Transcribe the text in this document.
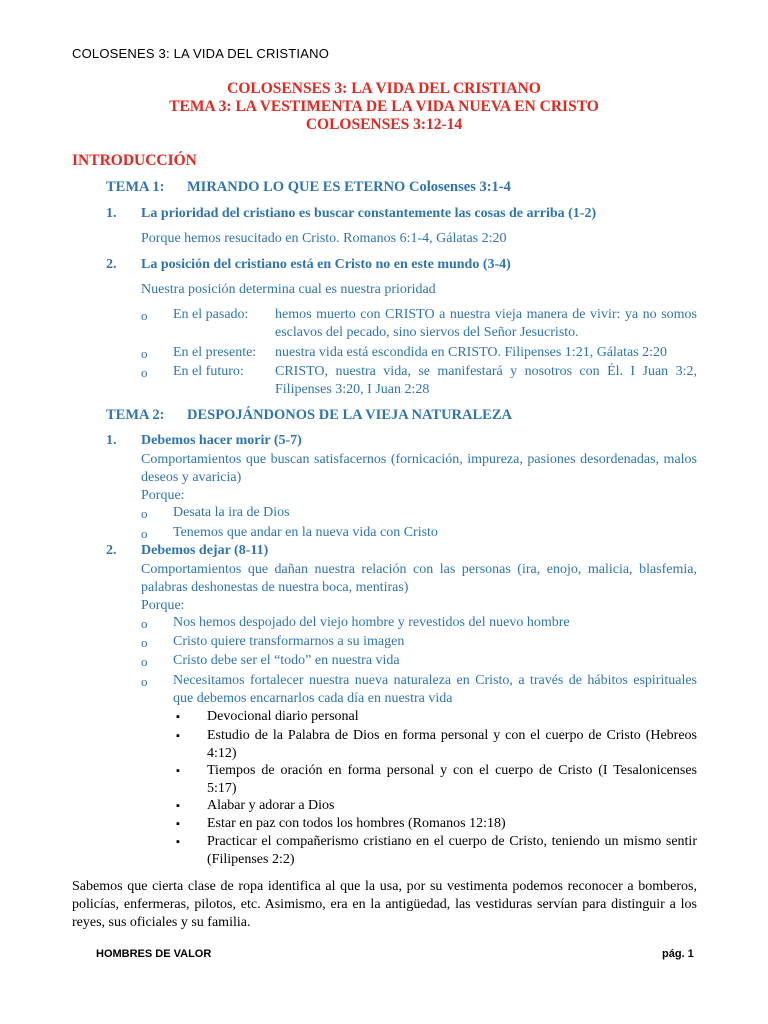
COLOSENES 3: LA VIDA DEL CRISTIANO
COLOSENSES 3: LA VIDA DEL CRISTIANO
TEMA 3: LA VESTIMENTA DE LA VIDA NUEVA EN CRISTO
COLOSENSES 3:12-14
INTRODUCCIÓN
TEMA 1: MIRANDO LO QUE ES ETERNO Colosenses 3:1-4
1. La prioridad del cristiano es buscar constantemente las cosas de arriba (1-2)
Porque hemos resucitado en Cristo. Romanos 6:1-4, Gálatas 2:20
2. La posición del cristiano está en Cristo no en este mundo (3-4)
Nuestra posición determina cual es nuestra prioridad
o En el pasado: hemos muerto con CRISTO a nuestra vieja manera de vivir: ya no somos esclavos del pecado, sino siervos del Señor Jesucristo.
o En el presente: nuestra vida está escondida en CRISTO. Filipenses 1:21, Gálatas 2:20
o En el futuro: CRISTO, nuestra vida, se manifestará y nosotros con Él. I Juan 3:2, Filipenses 3:20, I Juan 2:28
TEMA 2: DESPOJÁNDONOS DE LA VIEJA NATURALEZA
1. Debemos hacer morir (5-7)
Comportamientos que buscan satisfacernos (fornicación, impureza, pasiones desordenadas, malos deseos y avaricia)
Porque:
o Desata la ira de Dios
o Tenemos que andar en la nueva vida con Cristo
2. Debemos dejar (8-11)
Comportamientos que dañan nuestra relación con las personas (ira, enojo, malicia, blasfemia, palabras deshonestas de nuestra boca, mentiras)
Porque:
o Nos hemos despojado del viejo hombre y revestidos del nuevo hombre
o Cristo quiere transformarnos a su imagen
o Cristo debe ser el “todo” en nuestra vida
o Necesitamos fortalecer nuestra nueva naturaleza en Cristo, a través de hábitos espirituales que debemos encarnarlos cada día en nuestra vida
▪ Devocional diario personal
▪ Estudio de la Palabra de Dios en forma personal y con el cuerpo de Cristo (Hebreos 4:12)
▪ Tiempos de oración en forma personal y con el cuerpo de Cristo (I Tesalonicenses 5:17)
▪ Alabar y adorar a Dios
▪ Estar en paz con todos los hombres (Romanos 12:18)
▪ Practicar el compañerismo cristiano en el cuerpo de Cristo, teniendo un mismo sentir (Filipenses 2:2)
Sabemos que cierta clase de ropa identifica al que la usa, por su vestimenta podemos reconocer a bomberos, policías, enfermeras, pilotos, etc. Asimismo, era en la antigüedad, las vestiduras servían para distinguir a los reyes, sus oficiales y su familia.
HOMBRES DE VALOR	pág. 1
